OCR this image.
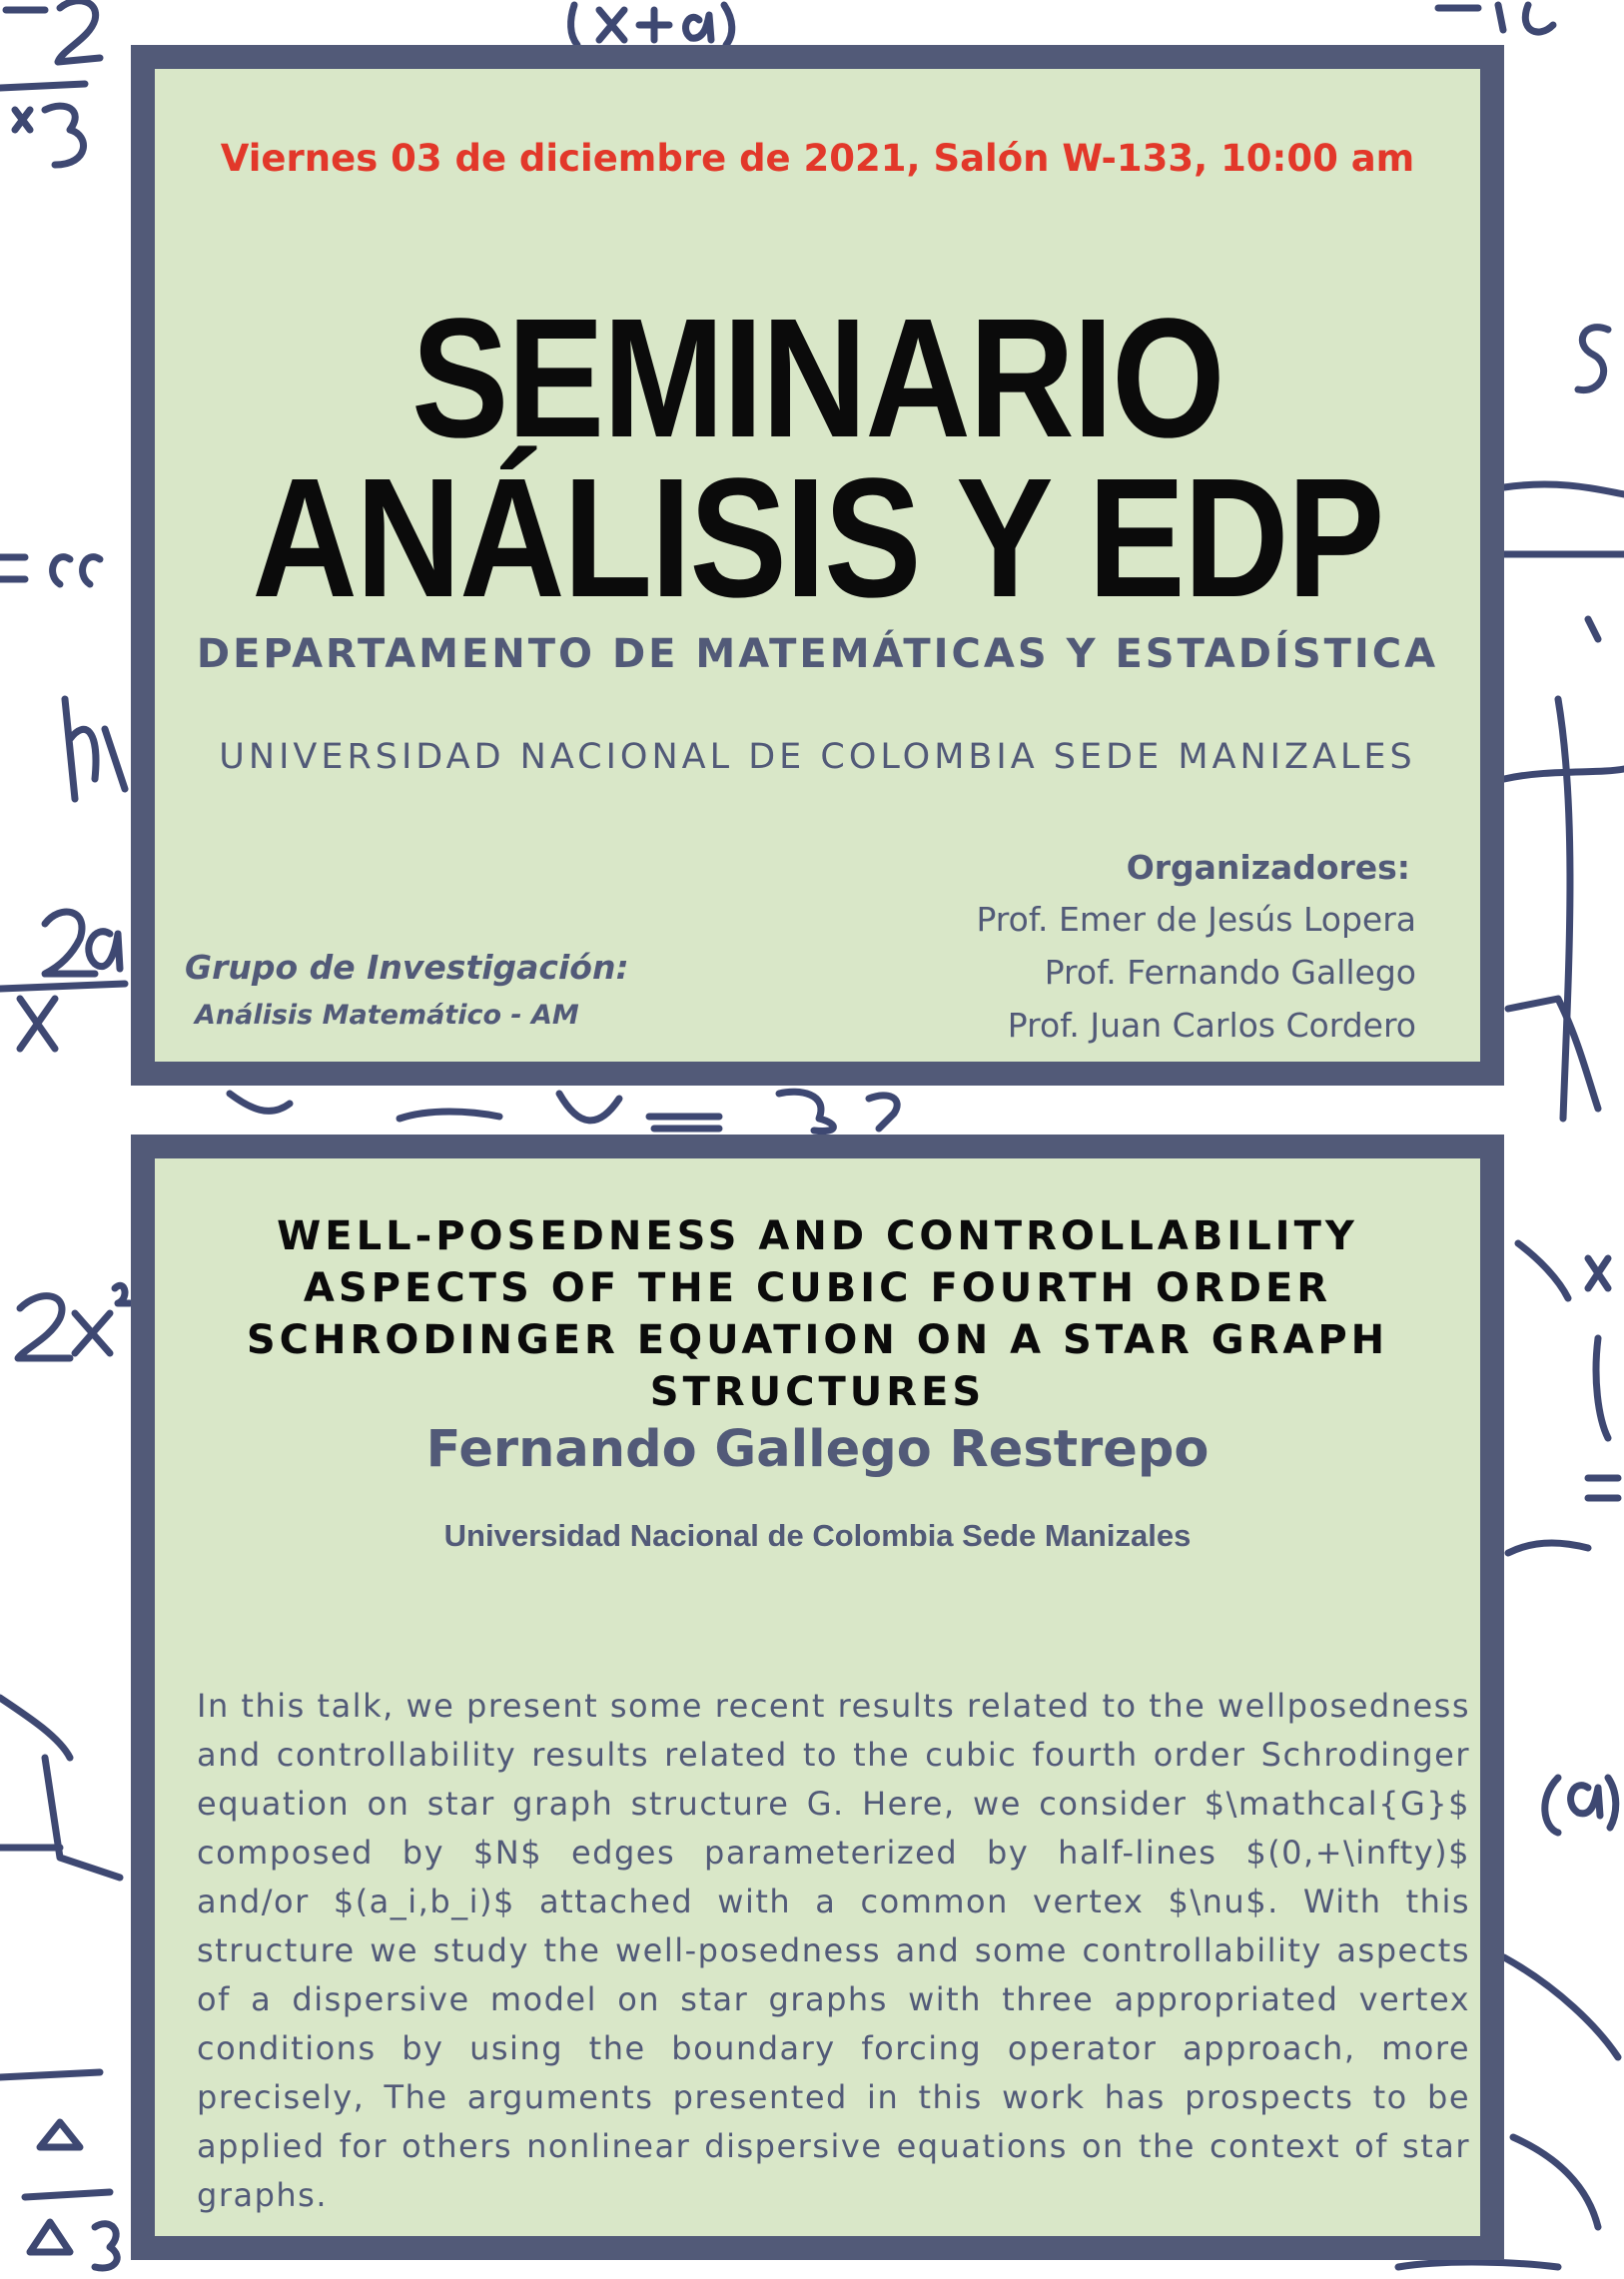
Viernes 03 de diciembre de 2021, Salón W-133, 10:00 am
SEMINARIO
ANÁLISIS Y EDP
DEPARTAMENTO DE MATEMÁTICAS Y ESTADÍSTICA
UNIVERSIDAD NACIONAL DE COLOMBIA SEDE MANIZALES
Organizadores:
Prof. Emer de Jesús Lopera
Prof. Fernando Gallego
Prof. Juan Carlos Cordero
Grupo de Investigación:
Análisis Matemático - AM
WELL-POSEDNESS AND CONTROLLABILITY ASPECTS OF THE CUBIC FOURTH ORDER SCHRODINGER EQUATION ON A STAR GRAPH STRUCTURES
Fernando Gallego Restrepo
Universidad Nacional de Colombia Sede Manizales
In this talk, we present some recent results related to the wellposedness and controllability results related to the cubic fourth order Schrodinger equation on star graph structure G. Here, we consider $\mathcal{G}$ composed by $N$ edges parameterized by half-lines $(0,+\infty)$ and/or $(a_i,b_i)$ attached with a common vertex $\nu$. With this structure we study the well-posedness and some controllability aspects of a dispersive model on star graphs with three appropriated vertex conditions by using the boundary forcing operator approach, more precisely, The arguments presented in this work has prospects to be applied for others nonlinear dispersive equations on the context of star graphs.
